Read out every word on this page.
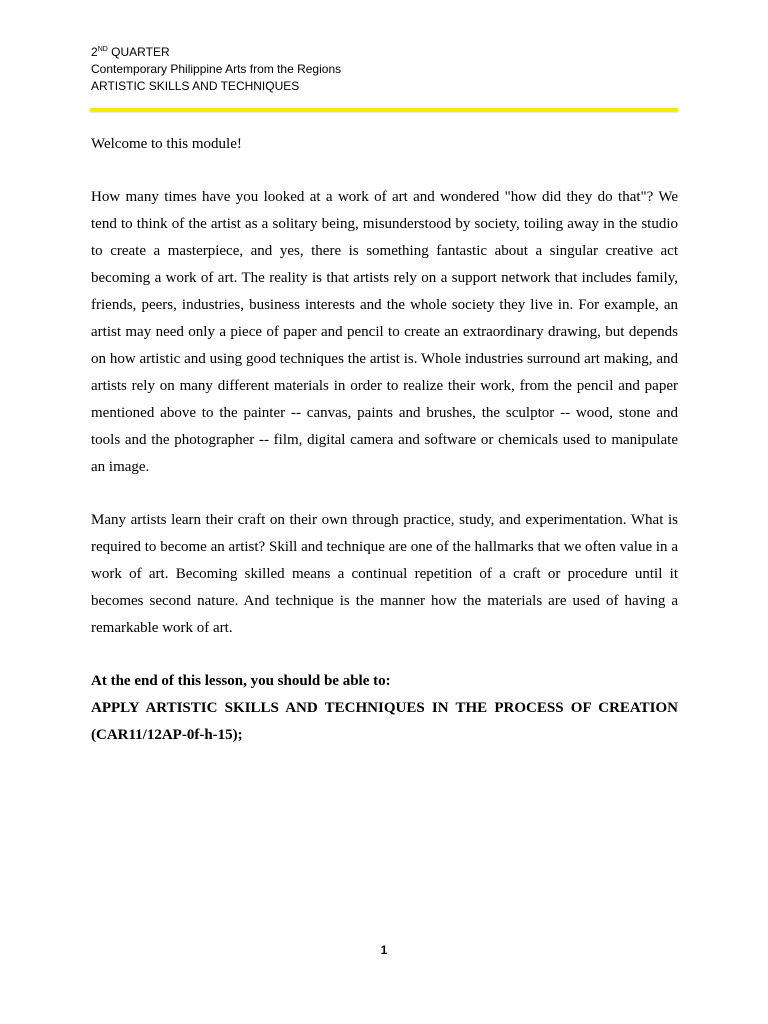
2ND QUARTER
Contemporary Philippine Arts from the Regions
ARTISTIC SKILLS AND TECHNIQUES

Welcome to this module!

How many times have you looked at a work of art and wondered "how did they do that"? We tend to think of the artist as a solitary being, misunderstood by society, toiling away in the studio to create a masterpiece, and yes, there is something fantastic about a singular creative act becoming a work of art. The reality is that artists rely on a support network that includes family, friends, peers, industries, business interests and the whole society they live in. For example, an artist may need only a piece of paper and pencil to create an extraordinary drawing, but depends on how artistic and using good techniques the artist is. Whole industries surround art making, and artists rely on many different materials in order to realize their work, from the pencil and paper mentioned above to the painter -- canvas, paints and brushes, the sculptor -- wood, stone and tools and the photographer -- film, digital camera and software or chemicals used to manipulate an image.

Many artists learn their craft on their own through practice, study, and experimentation. What is required to become an artist? Skill and technique are one of the hallmarks that we often value in a work of art. Becoming skilled means a continual repetition of a craft or procedure until it becomes second nature. And technique is the manner how the materials are used of having a remarkable work of art.

At the end of this lesson, you should be able to:

APPLY ARTISTIC SKILLS AND TECHNIQUES IN THE PROCESS OF CREATION (CAR11/12AP-0f-h-15);

1
